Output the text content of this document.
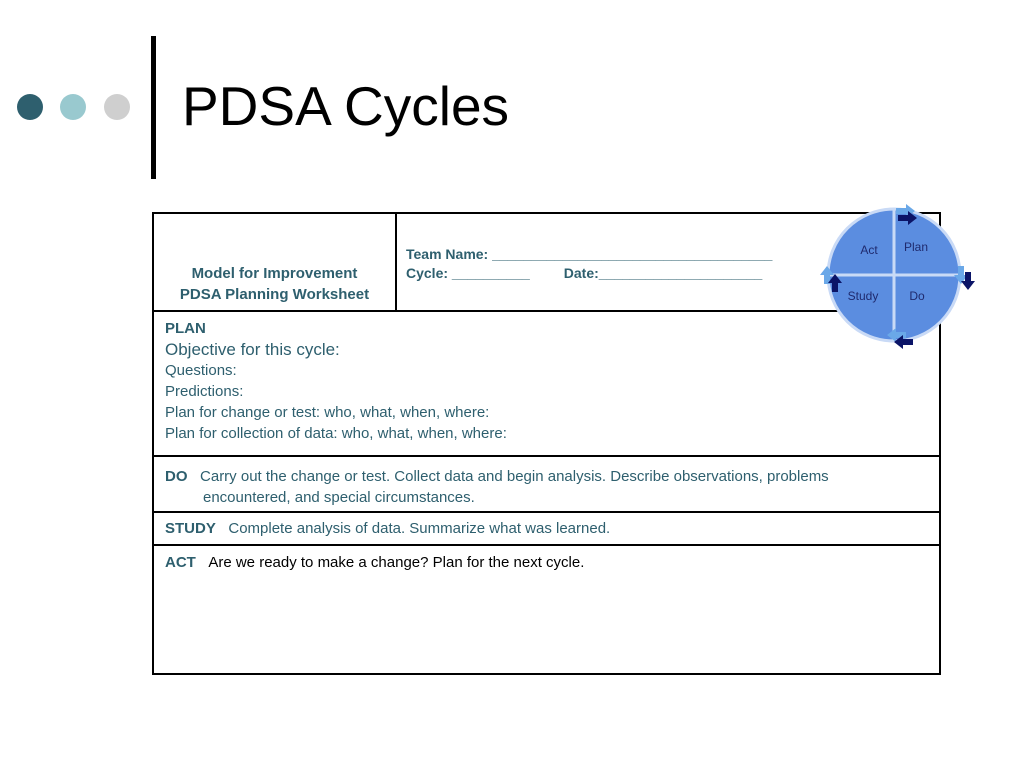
PDSA Cycles
Model for Improvement
PDSA Planning Worksheet
Team Name: ____________________________________
Cycle: __________ Date:_____________________
PLAN
Objective for this cycle:
Questions:
Predictions:
Plan for change or test: who, what, when, where:
Plan for collection of data: who, what, when, where:
DO Carry out the change or test. Collect data and begin analysis. Describe observations, problems
encountered, and special circumstances.
STUDY Complete analysis of data. Summarize what was learned.
ACT Are we ready to make a change? Plan for the next cycle.
Act Plan
Study	Do
